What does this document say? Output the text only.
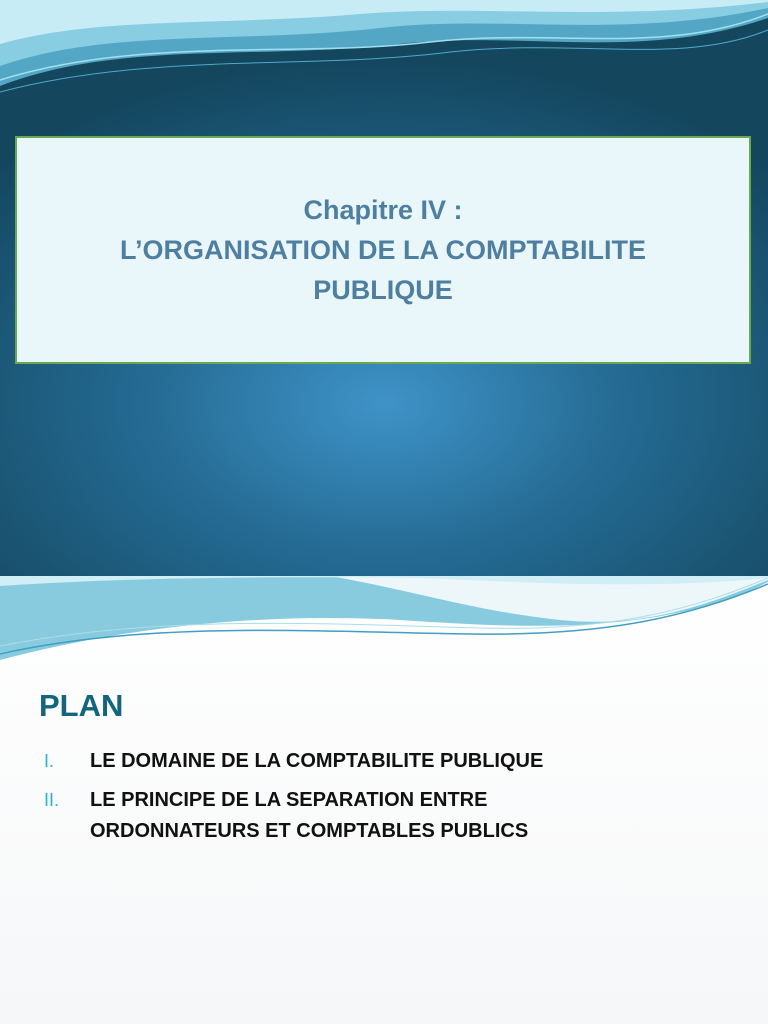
Chapitre IV :
L’ORGANISATION DE LA COMPTABILITE
PUBLIQUE
PLAN
I.	LE DOMAINE DE LA COMPTABILITE PUBLIQUE
II.	LE PRINCIPE DE LA SEPARATION ENTRE
ORDONNATEURS ET COMPTABLES PUBLICS
